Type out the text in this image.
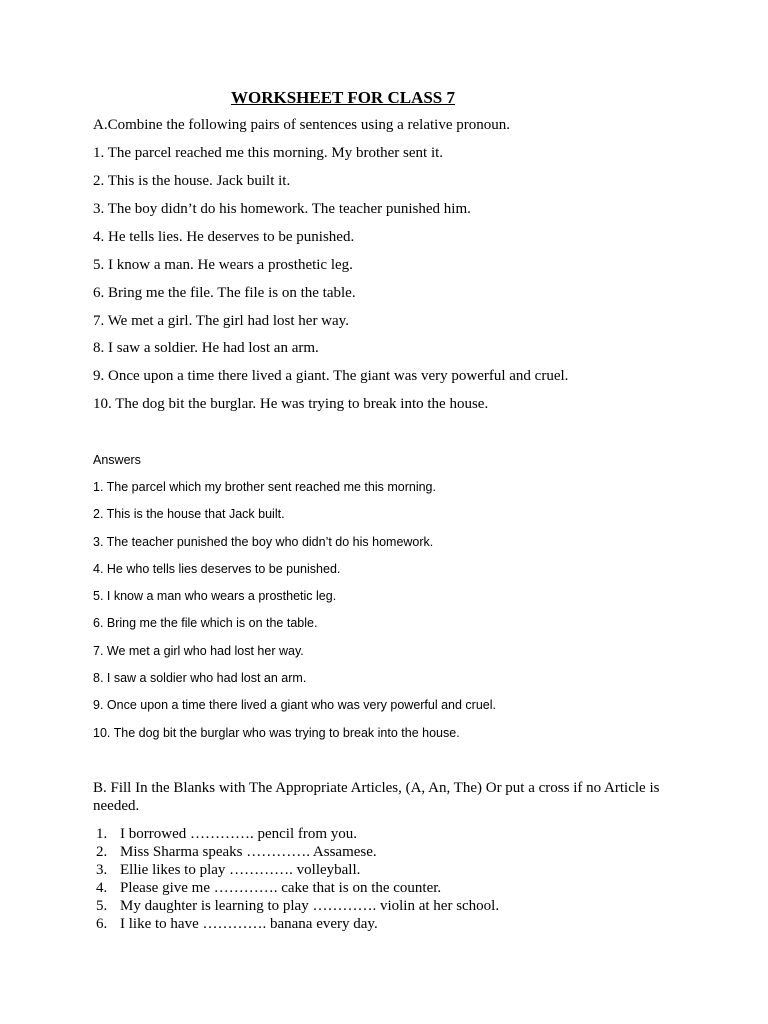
WORKSHEET FOR CLASS 7
A.Combine the following pairs of sentences using a relative pronoun.
1. The parcel reached me this morning. My brother sent it.
2. This is the house. Jack built it.
3. The boy didn’t do his homework. The teacher punished him.
4. He tells lies. He deserves to be punished.
5. I know a man. He wears a prosthetic leg.
6. Bring me the file. The file is on the table.
7. We met a girl. The girl had lost her way.
8. I saw a soldier. He had lost an arm.
9. Once upon a time there lived a giant. The giant was very powerful and cruel.
10. The dog bit the burglar. He was trying to break into the house.
Answers
1. The parcel which my brother sent reached me this morning.
2. This is the house that Jack built.
3. The teacher punished the boy who didn’t do his homework.
4. He who tells lies deserves to be punished.
5. I know a man who wears a prosthetic leg.
6. Bring me the file which is on the table.
7. We met a girl who had lost her way.
8. I saw a soldier who had lost an arm.
9. Once upon a time there lived a giant who was very powerful and cruel.
10. The dog bit the burglar who was trying to break into the house.
B. Fill In the Blanks with The Appropriate Articles, (A, An, The) Or put a cross if no Article is needed.
1. I borrowed …………. pencil from you.
2. Miss Sharma speaks …………. Assamese.
3. Ellie likes to play …………. volleyball.
4. Please give me …………. cake that is on the counter.
5. My daughter is learning to play …………. violin at her school.
6. I like to have …………. banana every day.
